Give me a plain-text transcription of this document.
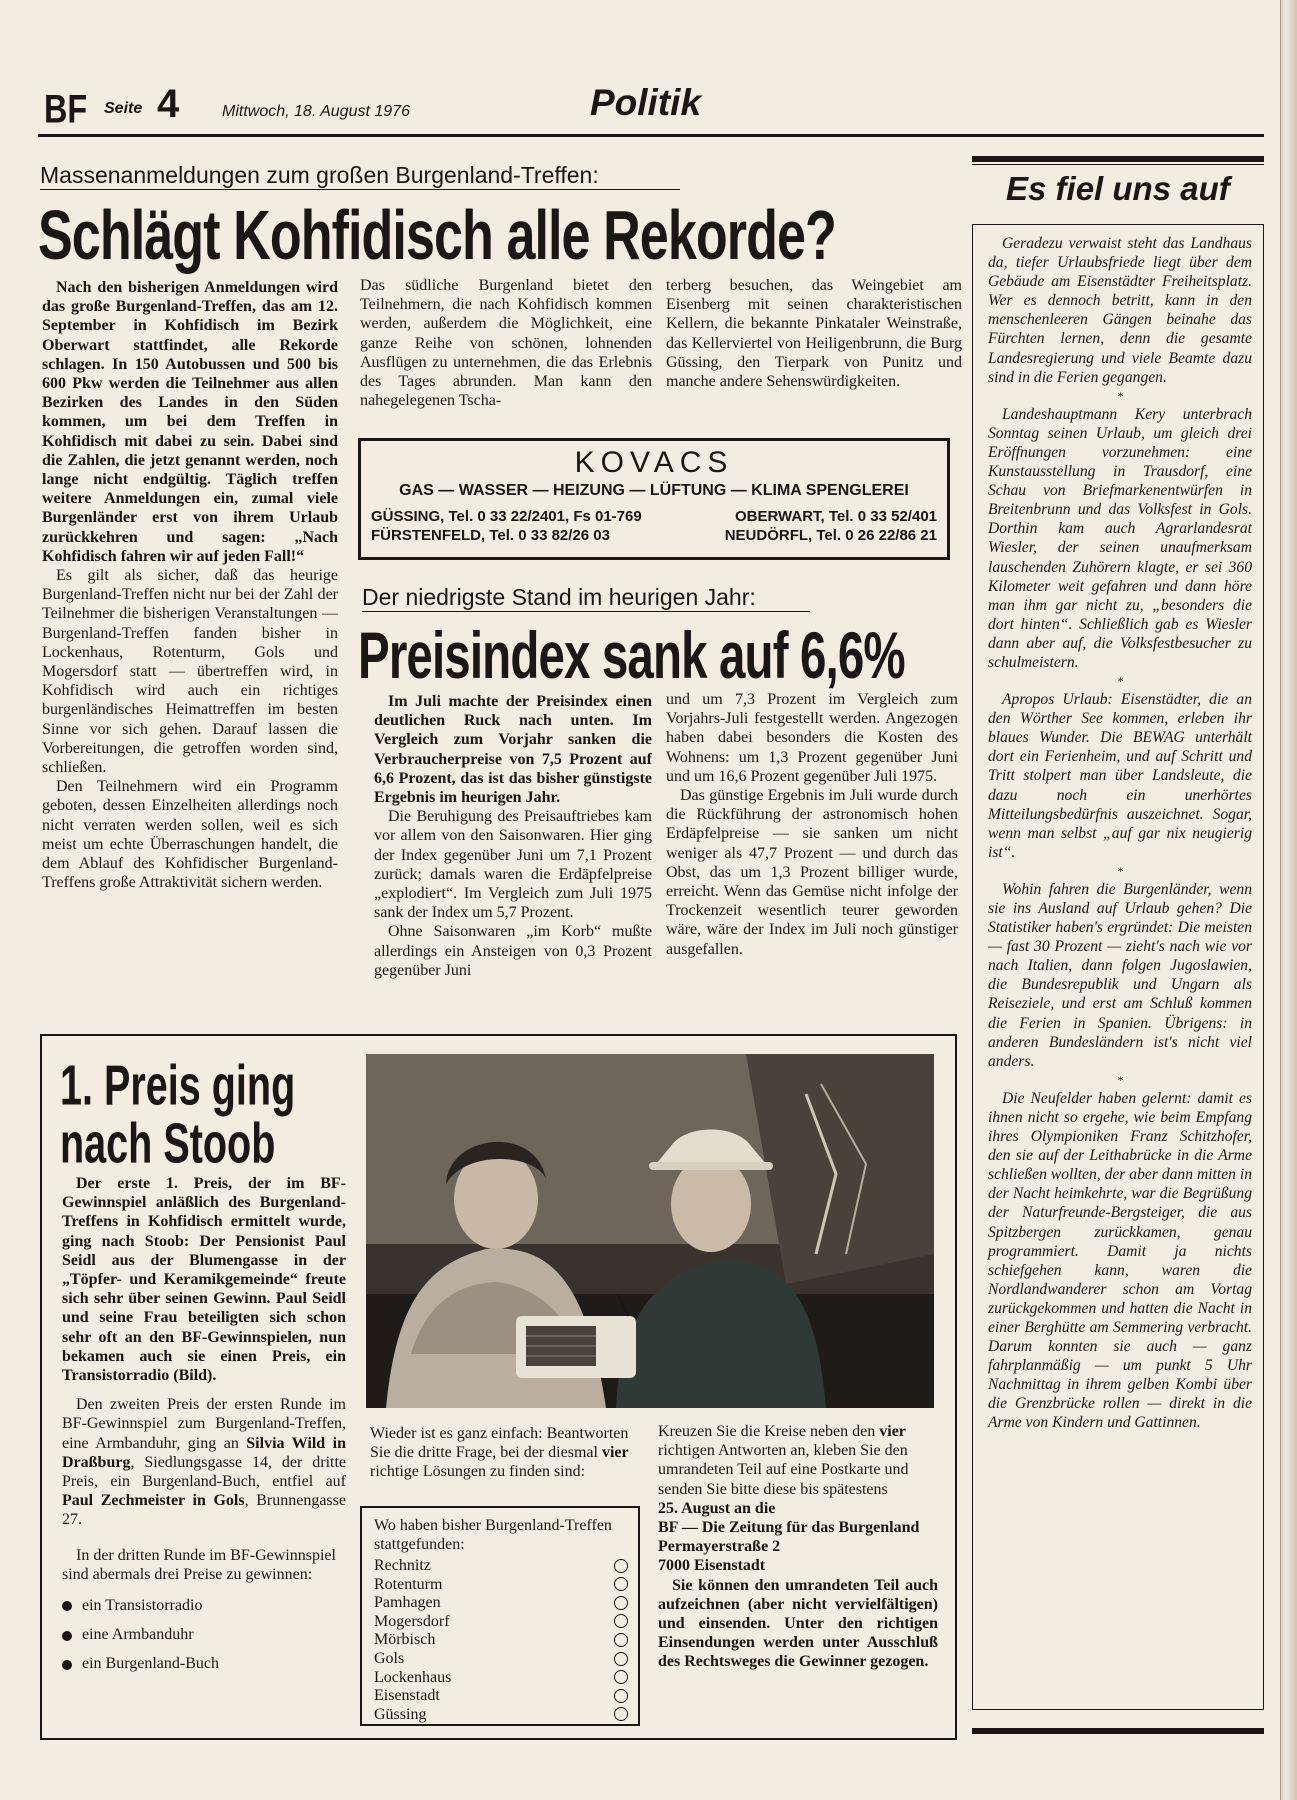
BF Seite 4	Mittwoch, 18. August 1976	Politik
Massenanmeldungen zum großen Burgenland-Treffen:
Schlägt Kohfidisch alle Rekorde?

Nach den bisherigen Anmeldungen wird das große Burgenland-Treffen, das am 12. September in Kohfidisch im Bezirk Oberwart stattfindet, alle Rekorde schlagen. In 150 Autobussen und 500 bis 600 Pkw werden die Teilnehmer aus allen Bezirken des Landes in den Süden kommen, um bei dem Treffen in Kohfidisch mit dabei zu sein. Dabei sind die Zahlen, die jetzt genannt werden, noch lange nicht endgültig. Täglich treffen weitere Anmeldungen ein, zumal viele Burgenländer erst von ihrem Urlaub zurückkehren und sagen: „Nach Kohfidisch fahren wir auf jeden Fall!“

Es gilt als sicher, daß das heurige Burgenland-Treffen nicht nur bei der Zahl der Teilnehmer die bisherigen Veranstaltungen — Burgenland-Treffen fanden bisher in Lockenhaus, Rotenturm, Gols und Mogersdorf statt — übertreffen wird, in Kohfidisch wird auch ein richtiges burgenländisches Heimattreffen im besten Sinne vor sich gehen. Darauf lassen die Vorbereitungen, die getroffen worden sind, schließen.

Den Teilnehmern wird ein Programm geboten, dessen Einzelheiten allerdings noch nicht verraten werden sollen, weil es sich meist um echte Überraschungen handelt, die dem Ablauf des Kohfidischer Burgenland-Treffens große Attraktivität sichern werden.

Das südliche Burgenland bietet den Teilnehmern, die nach Kohfidisch kommen werden, außerdem die Möglichkeit, eine ganze Reihe von schönen, lohnenden Ausflügen zu unternehmen, die das Erlebnis des Tages abrunden. Man kann den nahegelegenen Tscha-

terberg besuchen, das Weingebiet am Eisenberg mit seinen charakteristischen Kellern, die bekannte Pinkataler Weinstraße, das Kellerviertel von Heiligenbrunn, die Burg Güssing, den Tierpark von Punitz und manche andere Sehenswürdigkeiten.

KOVACS
GAS — WASSER — HEIZUNG — LÜFTUNG — KLIMA SPENGLEREI
GÜSSING, Tel. 0 33 22/2401, Fs 01-769	OBERWART, Tel. 0 33 52/401
FÜRSTENFELD, Tel. 0 33 82/26 03	NEUDÖRFL, Tel. 0 26 22/86 21
Der niedrigste Stand im heurigen Jahr:
Preisindex sank auf 6,6%

Im Juli machte der Preisindex einen deutlichen Ruck nach unten. Im Vergleich zum Vorjahr sanken die Verbraucherpreise von 7,5 Prozent auf 6,6 Prozent, das ist das bisher günstigste Ergebnis im heurigen Jahr.

Die Beruhigung des Preisauftriebes kam vor allem von den Saisonwaren. Hier ging der Index gegenüber Juni um 7,1 Prozent zurück; damals waren die Erdäpfelpreise „explodiert“. Im Vergleich zum Juli 1975 sank der Index um 5,7 Prozent.

Ohne Saisonwaren „im Korb“ mußte allerdings ein Ansteigen von 0,3 Prozent gegenüber Juni

und um 7,3 Prozent im Vergleich zum Vorjahrs-Juli festgestellt werden. Angezogen haben dabei besonders die Kosten des Wohnens: um 1,3 Prozent gegenüber Juni und um 16,6 Prozent gegenüber Juli 1975.

Das günstige Ergebnis im Juli wurde durch die Rückführung der astronomisch hohen Erdäpfelpreise — sie sanken um nicht weniger als 47,7 Prozent — und durch das Obst, das um 1,3 Prozent billiger wurde, erreicht. Wenn das Gemüse nicht infolge der Trockenzeit wesentlich teurer geworden wäre, wäre der Index im Juli noch günstiger ausgefallen.

1. Preis ging
nach Stoob

Der erste 1. Preis, der im BF-Gewinnspiel anläßlich des Burgenland-Treffens in Kohfidisch ermittelt wurde, ging nach Stoob: Der Pensionist Paul Seidl aus der Blumengasse in der „Töpfer- und Keramikgemeinde“ freute sich sehr über seinen Gewinn. Paul Seidl und seine Frau beteiligten sich schon sehr oft an den BF-Gewinnspielen, nun bekamen auch sie einen Preis, ein Transistorradio (Bild).

Den zweiten Preis der ersten Runde im BF-Gewinnspiel zum Burgenland-Treffen, eine Armbanduhr, ging an Silvia Wild in Draßburg, Siedlungsgasse 14, der dritte Preis, ein Burgenland-Buch, entfiel auf Paul Zechmeister in Gols, Brunnengasse 27.

In der dritten Runde im BF-Gewinnspiel sind abermals drei Preise zu gewinnen:

ein Transistorradio
eine Armbanduhr
ein Burgenland-Buch

Wieder ist es ganz einfach: Beantworten Sie die dritte Frage, bei der diesmal vier richtige Lösungen zu finden sind:

Wo haben bisher Burgenland-Treffen stattgefunden:

Rechnitz
Rotenturm
Pamhagen
Mogersdorf
Mörbisch
Gols
Lockenhaus
Eisenstadt
Güssing

Kreuzen Sie die Kreise neben den vier richtigen Antworten an, kleben Sie den umrandeten Teil auf eine Postkarte und senden Sie bitte diese bis spätestens

25. August an die

BF — Die Zeitung für das Burgenland

Permayerstraße 2

7000 Eisenstadt

Sie können den umrandeten Teil auch aufzeichnen (aber nicht vervielfältigen) und einsenden. Unter den richtigen Einsendungen werden unter Ausschluß des Rechtsweges die Gewinner gezogen.

Es fiel uns auf

Geradezu verwaist steht das Landhaus da, tiefer Urlaubsfriede liegt über dem Gebäude am Eisenstädter Freiheitsplatz. Wer es dennoch betritt, kann in den menschenleeren Gängen beinahe das Fürchten lernen, denn die gesamte Landesregierung und viele Beamte dazu sind in die Ferien gegangen.

*

Landeshauptmann Kery unterbrach Sonntag seinen Urlaub, um gleich drei Eröffnungen vorzunehmen: eine Kunstausstellung in Trausdorf, eine Schau von Briefmarkenentwürfen in Breitenbrunn und das Volksfest in Gols. Dorthin kam auch Agrarlandesrat Wiesler, der seinen unaufmerksam lauschenden Zuhörern klagte, er sei 360 Kilometer weit gefahren und dann höre man ihm gar nicht zu, „besonders die dort hinten“. Schließlich gab es Wiesler dann aber auf, die Volksfestbesucher zu schulmeistern.

*

Apropos Urlaub: Eisenstädter, die an den Wörther See kommen, erleben ihr blaues Wunder. Die BEWAG unterhält dort ein Ferienheim, und auf Schritt und Tritt stolpert man über Landsleute, die dazu noch ein unerhörtes Mitteilungsbedürfnis auszeichnet. Sogar, wenn man selbst „auf gar nix neugierig ist“.

*

Wohin fahren die Burgenländer, wenn sie ins Ausland auf Urlaub gehen? Die Statistiker haben's ergründet: Die meisten — fast 30 Prozent — zieht's nach wie vor nach Italien, dann folgen Jugoslawien, die Bundesrepublik und Ungarn als Reiseziele, und erst am Schluß kommen die Ferien in Spanien. Übrigens: in anderen Bundesländern ist's nicht viel anders.

*

Die Neufelder haben gelernt: damit es ihnen nicht so ergehe, wie beim Empfang ihres Olympioniken Franz Schitzhofer, den sie auf der Leithabrücke in die Arme schließen wollten, der aber dann mitten in der Nacht heimkehrte, war die Begrüßung der Naturfreunde-Bergsteiger, die aus Spitzbergen zurückkamen, genau programmiert. Damit ja nichts schiefgehen kann, waren die Nordlandwanderer schon am Vortag zurückgekommen und hatten die Nacht in einer Berghütte am Semmering verbracht. Darum konnten sie auch — ganz fahrplanmäßig — um punkt 5 Uhr Nachmittag in ihrem gelben Kombi über die Grenzbrücke rollen — direkt in die Arme von Kindern und Gattinnen.
